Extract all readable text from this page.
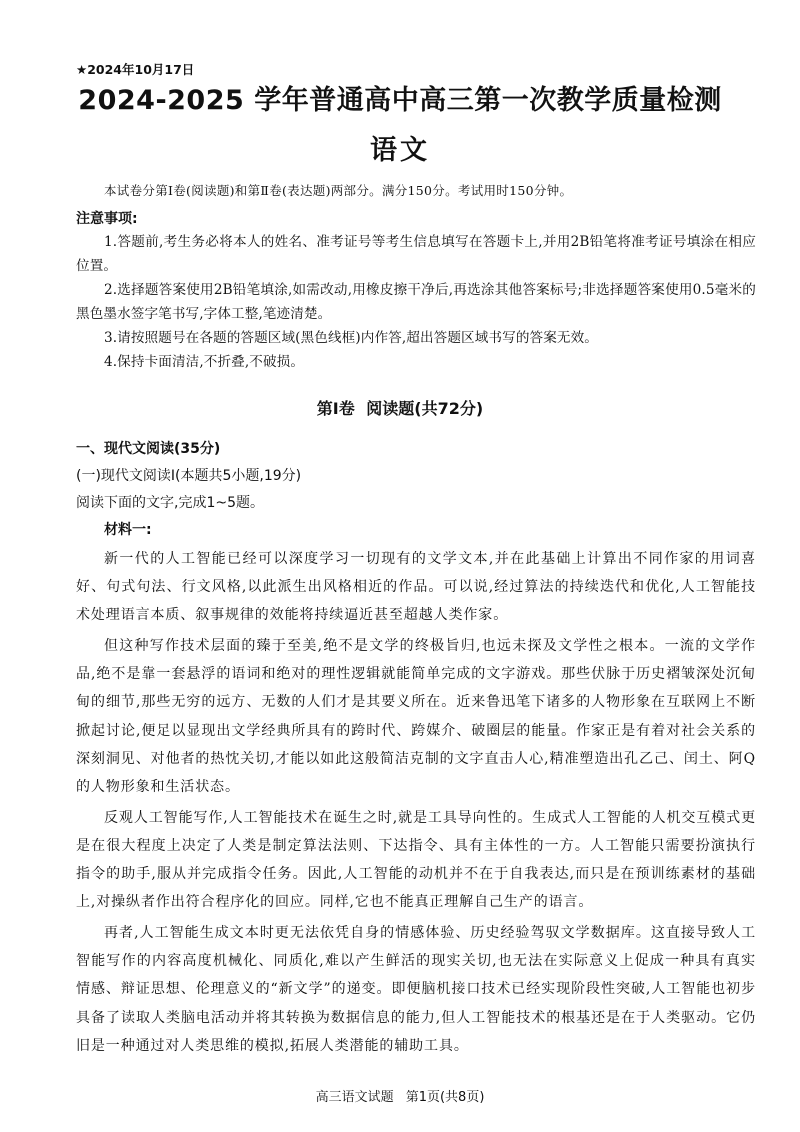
★2024年10月17日
2024-2025 学年普通高中高三第一次教学质量检测
语文
本试卷分第Ⅰ卷(阅读题)和第Ⅱ卷(表达题)两部分。满分150分。考试用时150分钟。
注意事项:
1.答题前,考生务必将本人的姓名、准考证号等考生信息填写在答题卡上,并用2B铅笔将准考证号填涂在相应位置。
2.选择题答案使用2B铅笔填涂,如需改动,用橡皮擦干净后,再选涂其他答案标号;非选择题答案使用0.5毫米的黑色墨水签字笔书写,字体工整,笔迹清楚。
3.请按照题号在各题的答题区域(黑色线框)内作答,超出答题区域书写的答案无效。
4.保持卡面清洁,不折叠,不破损。
第Ⅰ卷 阅读题(共72分)
一、现代文阅读(35分)
(一)现代文阅读Ⅰ(本题共5小题,19分)
阅读下面的文字,完成1~5题。
材料一:

新一代的人工智能已经可以深度学习一切现有的文学文本,并在此基础上计算出不同作家的用词喜好、句式句法、行文风格,以此派生出风格相近的作品。可以说,经过算法的持续迭代和优化,人工智能技术处理语言本质、叙事规律的效能将持续逼近甚至超越人类作家。

但这种写作技术层面的臻于至美,绝不是文学的终极旨归,也远未探及文学性之根本。一流的文学作品,绝不是靠一套悬浮的语词和绝对的理性逻辑就能简单完成的文字游戏。那些伏脉于历史褶皱深处沉甸甸的细节,那些无穷的远方、无数的人们才是其要义所在。近来鲁迅笔下诸多的人物形象在互联网上不断掀起讨论,便足以显现出文学经典所具有的跨时代、跨媒介、破圈层的能量。作家正是有着对社会关系的深刻洞见、对他者的热忱关切,才能以如此这般简洁克制的文字直击人心,精准塑造出孔乙己、闰土、阿Q的人物形象和生活状态。

反观人工智能写作,人工智能技术在诞生之时,就是工具导向性的。生成式人工智能的人机交互模式更是在很大程度上决定了人类是制定算法法则、下达指令、具有主体性的一方。人工智能只需要扮演执行指令的助手,服从并完成指令任务。因此,人工智能的动机并不在于自我表达,而只是在预训练素材的基础上,对操纵者作出符合程序化的回应。同样,它也不能真正理解自己生产的语言。

再者,人工智能生成文本时更无法依凭自身的情感体验、历史经验驾驭文学数据库。这直接导致人工智能写作的内容高度机械化、同质化,难以产生鲜活的现实关切,也无法在实际意义上促成一种具有真实情感、辩证思想、伦理意义的“新文学”的递变。即便脑机接口技术已经实现阶段性突破,人工智能也初步具备了读取人类脑电活动并将其转换为数据信息的能力,但人工智能技术的根基还是在于人类驱动。它仍旧是一种通过对人类思维的模拟,拓展人类潜能的辅助工具。

高三语文试题 第1页(共8页)
